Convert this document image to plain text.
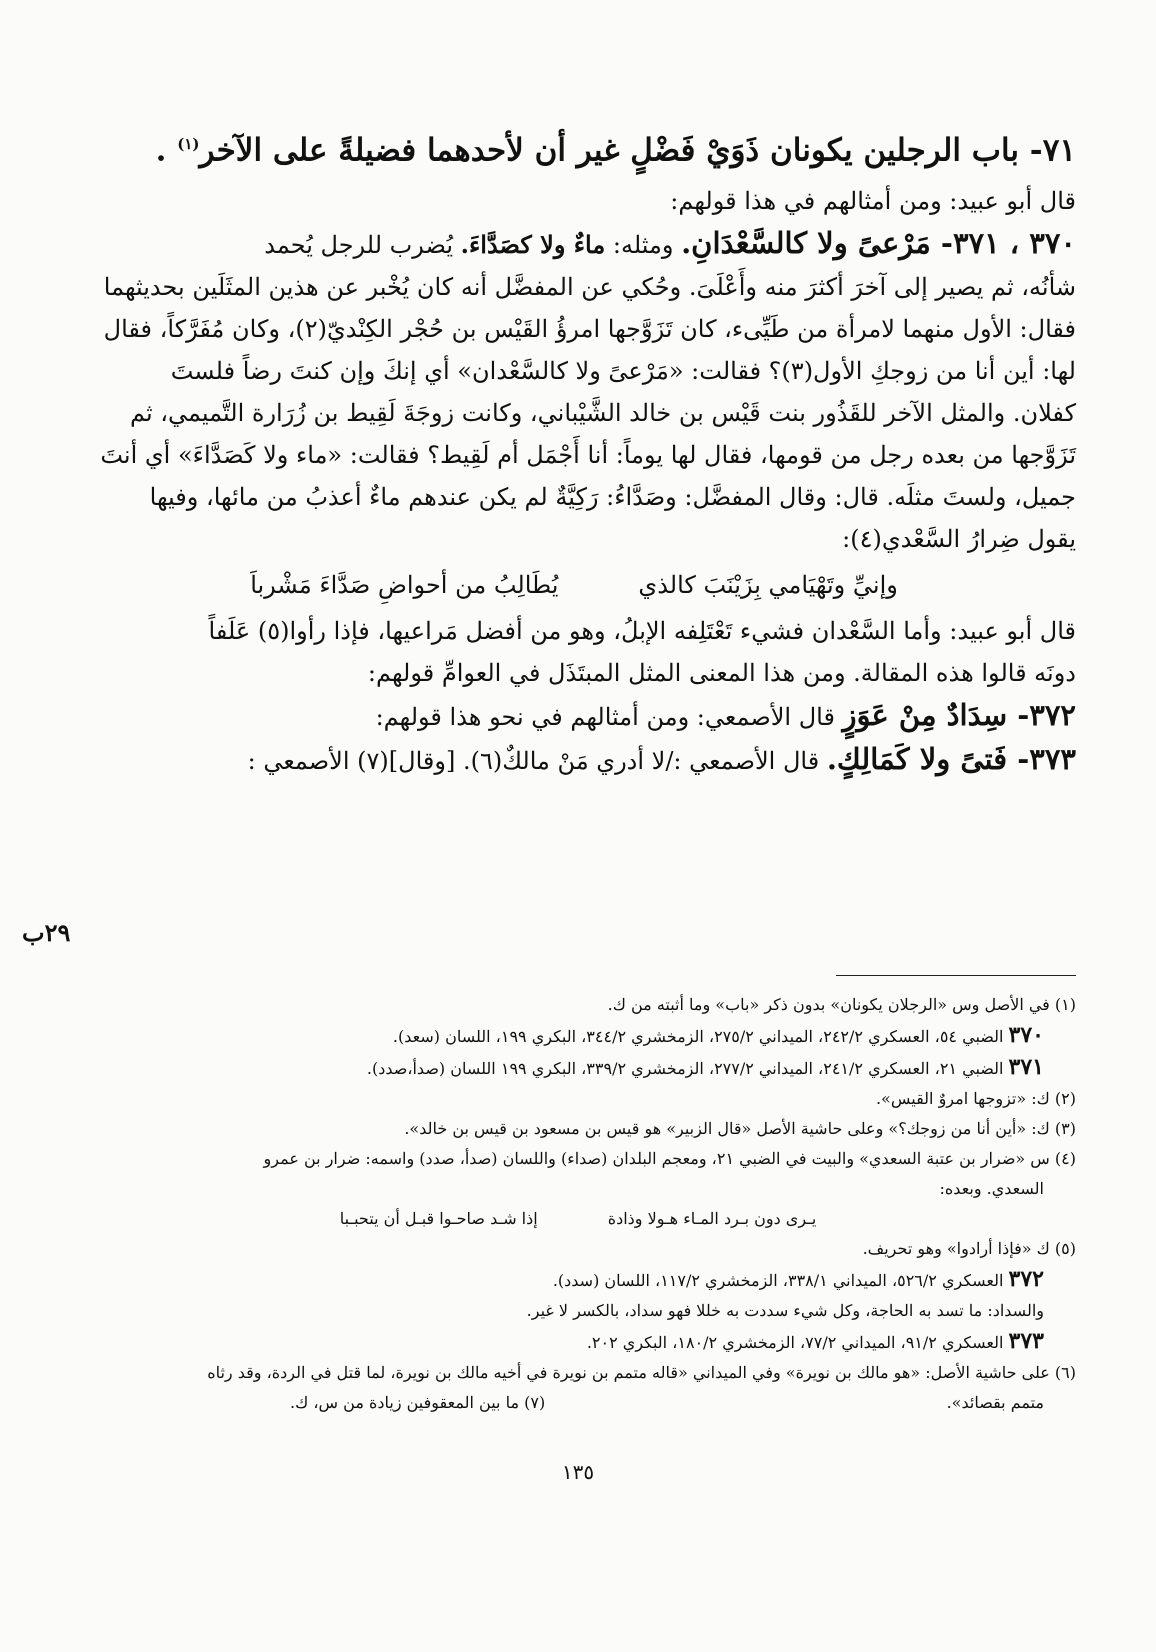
٧١- باب الرجلين يكونان ذَوَيْ فَضْلٍ غير أن لأحدهما فضيلةً على الآخر$^{(١)}$ .

قال أبو عبيد: ومن أمثالهم في هذا قولهم:

٣٧٠ ، ٣٧١- مَرْعىً ولا كالسَّعْدَانِ. ومثله: ماءٌ ولا كصَدَّاءَ. يُضرب للرجل يُحمد
شأنُه، ثم يصير إلى آخرَ أكثرَ منه وأَعْلَىَ. وحُكي عن المفضَّل أنه كان يُخْبر عن هذين المثَلَين بحديثهما
فقال: الأول منهما لامرأة من طَيِّىء، كان تَزَوَّجها امرؤُ القَيْس بن حُجْر الكِنْديّ(٢)، وكان مُفَرَّكاً، فقال
لها: أين أنا من زوجكِ الأول(٣)؟ فقالت: «مَرْعىً ولا كالسَّعْدان» أي إنكَ وإن كنتَ رضاً فلستَ
كفلان. والمثل الآخر للقَذُور بنت قَيْس بن خالد الشَّيْباني، وكانت زوجَةَ لَقِيط بن زُرَارة التَّميمي، ثم
تَزَوَّجها من بعده رجل من قومها، فقال لها يوماً: أنا أَجْمَل أم لَقِيط؟ فقالت: «ماء ولا كَصَدَّاءَ» أي أنتَ
جميل، ولستَ مثلَه. قال: وقال المفضَّل: وصَدَّاءُ: رَكِيَّةٌ لم يكن عندهم ماءٌ أعذبُ من مائها، وفيها
يقول ضِرارُ السَّعْدي(٤):

وإنيِّ وتَهْيَامي بِزَيْنَبَ كالذي
يُطَالِبُ من أحواضِ صَدَّاءَ مَشْرباَ

قال أبو عبيد: وأما السَّعْدان فشيء تَعْتَلِفه الإبلُ، وهو من أفضل مَراعيها، فإذا رأوا(٥) عَلَفاً
دونَه قالوا هذه المقالة. ومن هذا المعنى المثل المبتَذَل في العوامِّ قولهم:
٣٧٢- سِدَادٌ مِنْ عَوَزٍ قال الأصمعي: ومن أمثالهم في نحو هذا قولهم:
٣٧٣- فَتىً ولا كَمَالِكٍ. قال الأصمعي :/لا أدري مَنْ مالكٌ(٦). [وقال](٧) الأصمعي :

٢٩ب
(١) في الأصل وس «الرجلان يكونان» بدون ذكر «باب» وما أثبته من ك.
٣٧٠ الضبي ٥٤، العسكري ٢٤٢/٢، الميداني ٢٧٥/٢، الزمخشري ٣٤٤/٢، البكري ١٩٩، اللسان (سعد).
٣٧١ الضبي ٢١، العسكري ٢٤١/٢، الميداني ٢٧٧/٢، الزمخشري ٣٣٩/٢، البكري ١٩٩ اللسان (صدأ،صدد).
(٢) ك: «تزوجها امروٌ القيس».
(٣) ك: «أين أنا من زوجك؟» وعلى حاشية الأصل «قال الزبير» هو قيس بن مسعود بن قيس بن خالد».
(٤) س «ضرار بن عتبة السعدي» والبيت في الضبي ٢١، ومعجم البلدان (صداء) واللسان (صدأ، صدد) واسمه: ضرار بن عمرو
السعدي. وبعده:
يـرى دون بـرد المـاء هـولا وذادة
إذا شـد صاحـوا قبـل أن يتحبـبا
(٥) ك «فإذا أرادوا» وهو تحريف.
٣٧٢ العسكري ٥٢٦/٢، الميداني ٣٣٨/١، الزمخشري ١١٧/٢، اللسان (سدد).
والسداد: ما تسد به الحاجة، وكل شيء سددت به خللا فهو سداد، بالكسر لا غير.
٣٧٣ العسكري ٩١/٢، الميداني ٧٧/٢، الزمخشري ١٨٠/٢، البكري ٢٠٢.
(٦) على حاشية الأصل: «هو مالك بن نويرة» وفي الميداني «قاله متمم بن نويرة في أخيه مالك بن نويرة، لما قتل في الردة، وقد رثاه
متمم بقصائد».
(٧) ما بين المعقوفين زيادة من س، ك.
١٣٥
